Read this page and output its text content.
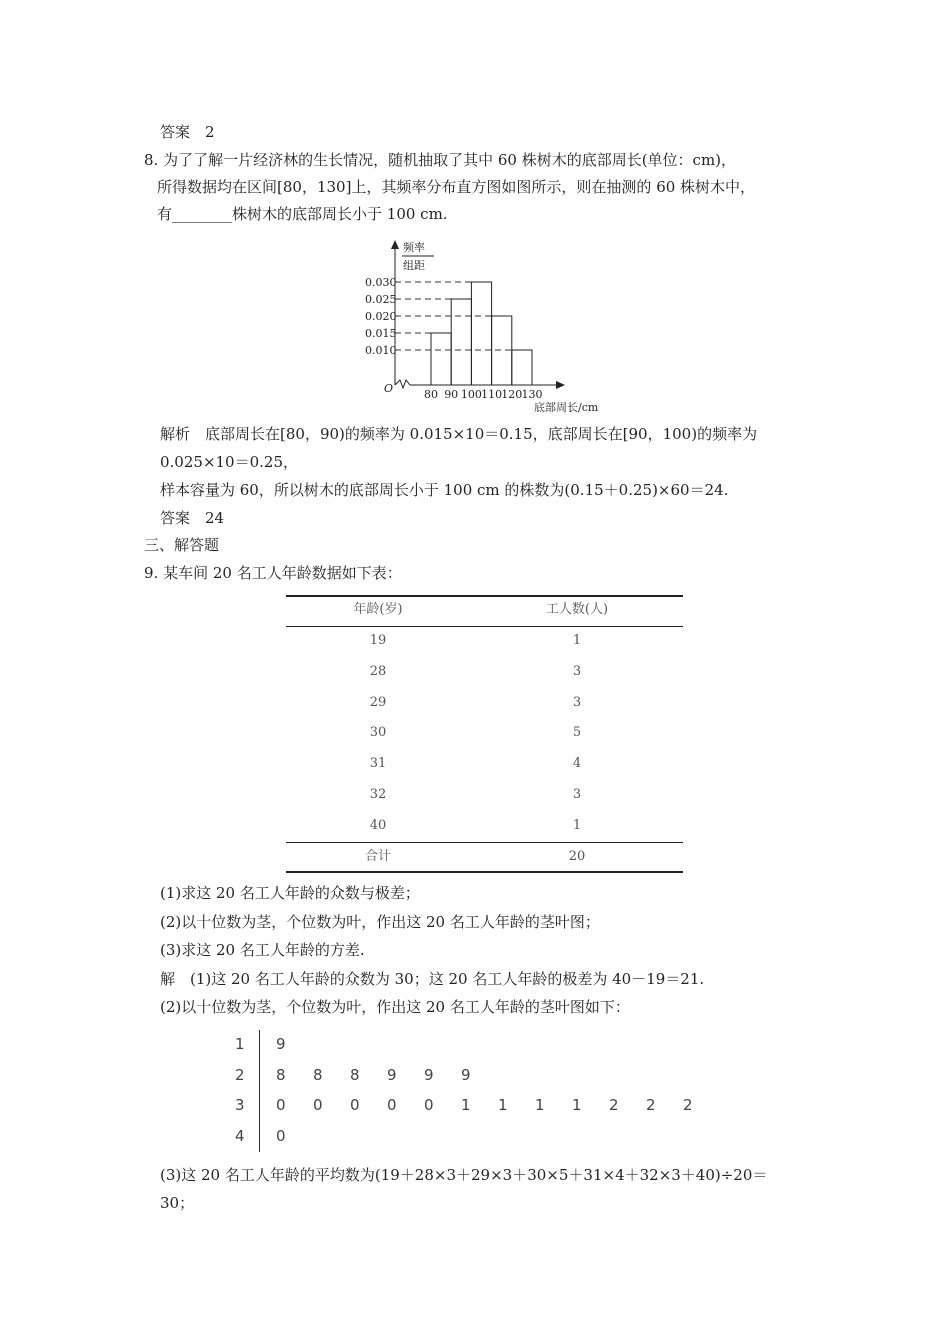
答案　2
8. 为了了解一片经济林的生长情况，随机抽取了其中 60 株树木的底部周长(单位：cm)，
所得数据均在区间[80，130]上，其频率分布直方图如图所示，则在抽测的 60 株树木中，
有________株树木的底部周长小于 100 cm.
O
频率
组距
0.010
0.015
0.020
0.025
0.030
80 90 100 110 120 130
底部周长/cm
解析　底部周长在[80，90)的频率为 0.015×10＝0.15，底部周长在[90，100)的频率为
0.025×10＝0.25，
样本容量为 60，所以树木的底部周长小于 100 cm 的株数为(0.15＋0.25)×60＝24.
答案　24
三、解答题
9. 某车间 20 名工人年龄数据如下表：
年龄(岁)	工人数(人)
19	1
28	3
29	3
30	5
31	4
32	3
40	1
合计	20
(1)求这 20 名工人年龄的众数与极差；
(2)以十位数为茎，个位数为叶，作出这 20 名工人年龄的茎叶图；
(3)求这 20 名工人年龄的方差.
解　(1)这 20 名工人年龄的众数为 30；这 20 名工人年龄的极差为 40－19＝21.
(2)以十位数为茎，个位数为叶，作出这 20 名工人年龄的茎叶图如下：
1 9
2 8 8 8 9 9 9
3 0 0 0 0 0 1 1 1 1 2 2 2
4 0
(3)这 20 名工人年龄的平均数为(19＋28×3＋29×3＋30×5＋31×4＋32×3＋40)÷20＝
30；
